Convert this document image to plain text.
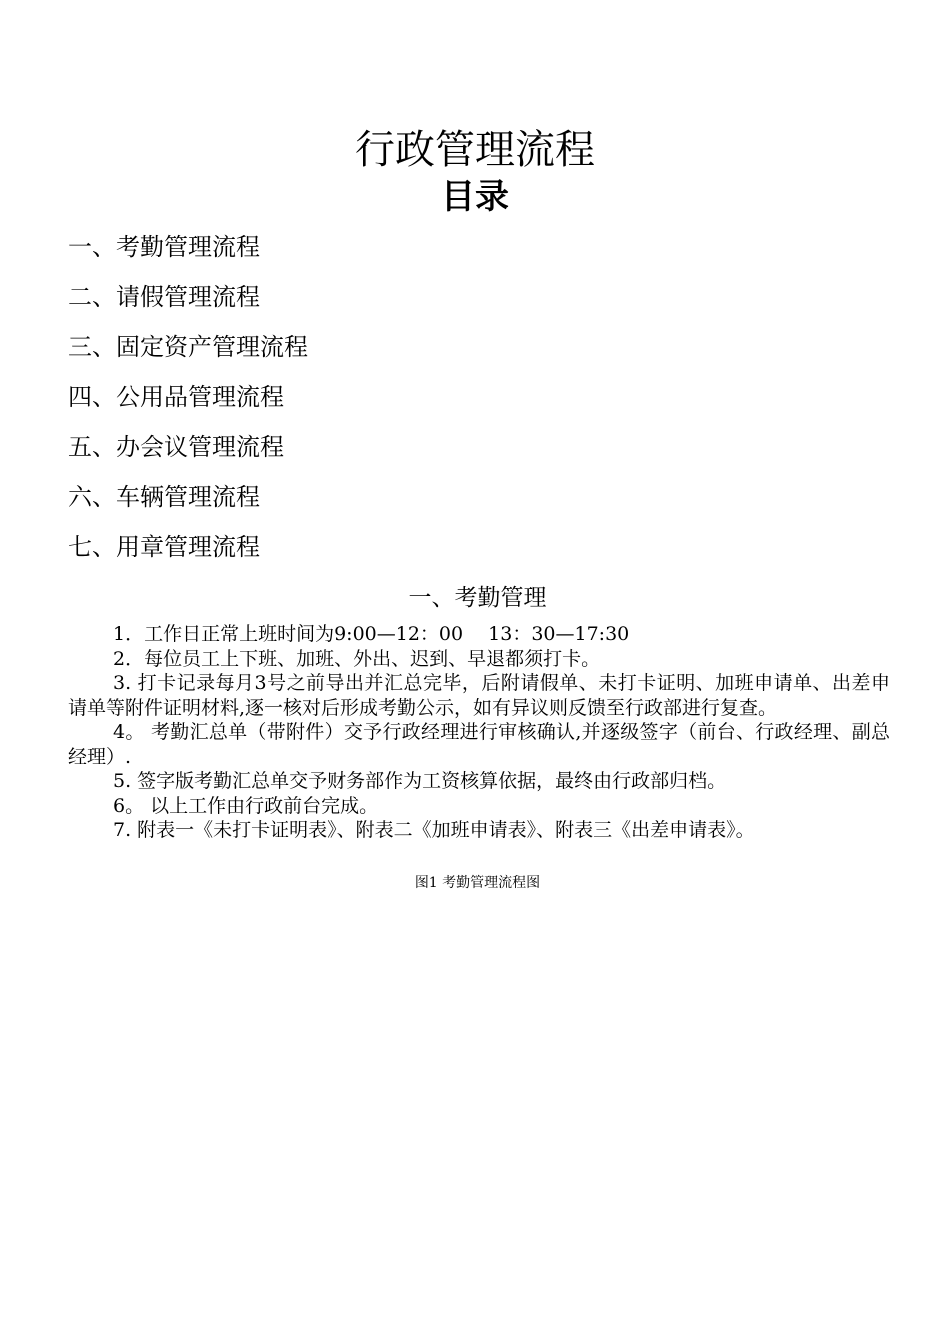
行政管理流程
目录
一、考勤管理流程
二、请假管理流程
三、固定资产管理流程
四、公用品管理流程
五、办会议管理流程
六、车辆管理流程
七、用章管理流程
一、考勤管理

1．工作日正常上班时间为9:00—12：00　 13：30—17:30

2．每位员工上下班、加班、外出、迟到、早退都须打卡。

3. 打卡记录每月3号之前导出并汇总完毕，后附请假单、未打卡证明、加班申请单、出差申请单等附件证明材料,逐一核对后形成考勤公示，如有异议则反馈至行政部进行复查。

4。 考勤汇总单（带附件）交予行政经理进行审核确认,并逐级签字（前台、行政经理、副总经理）.

5. 签字版考勤汇总单交予财务部作为工资核算依据，最终由行政部归档。

6。 以上工作由行政前台完成。

7. 附表一《未打卡证明表》、附表二《加班申请表》、附表三《出差申请表》。

图1 考勤管理流程图
